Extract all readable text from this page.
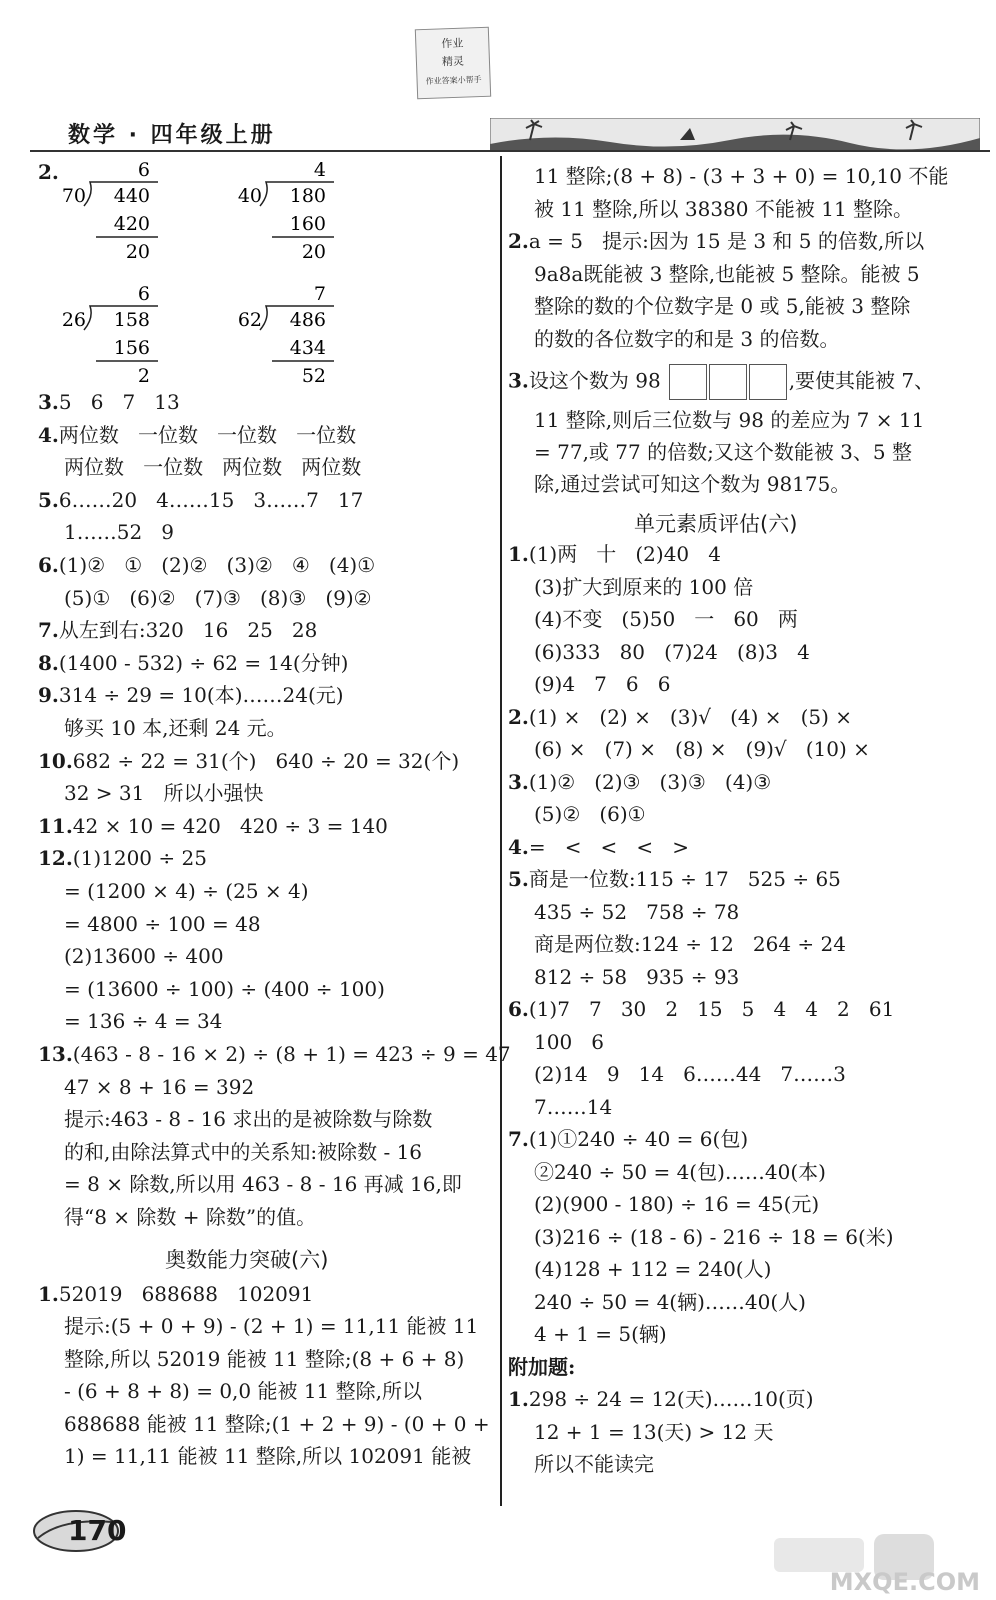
作业
精灵
作业答案小帮手
数学 · 四年级上册
6
70 440
420
20
4
40 180
160
20
6
26 158
156
2
7
62 486
434
52
2.
3.5   6   7   13
4.两位数   一位数   一位数   一位数
两位数   一位数   两位数   两位数
5.6……20   4……15   3……7   17
1……52   9
6.(1)②   ①   (2)②   (3)②   ④   (4)①
(5)①   (6)②   (7)③   (8)③   (9)②
7.从左到右:320   16   25   28
8.(1400 - 532) ÷ 62 = 14(分钟)
9.314 ÷ 29 = 10(本)……24(元)
够买 10 本,还剩 24 元。
10.682 ÷ 22 = 31(个)   640 ÷ 20 = 32(个)
32 > 31   所以小强快
11.42 × 10 = 420   420 ÷ 3 = 140
12.(1)1200 ÷ 25
= (1200 × 4) ÷ (25 × 4)
= 4800 ÷ 100 = 48
(2)13600 ÷ 400
= (13600 ÷ 100) ÷ (400 ÷ 100)
= 136 ÷ 4 = 34
13.(463 - 8 - 16 × 2) ÷ (8 + 1) = 423 ÷ 9 = 47
47 × 8 + 16 = 392
提示:463 - 8 - 16 求出的是被除数与除数
的和,由除法算式中的关系知:被除数 - 16
= 8 × 除数,所以用 463 - 8 - 16 再减 16,即
得“8 × 除数 + 除数”的值。
奥数能力突破(六)
1.52019   688688   102091
提示:(5 + 0 + 9) - (2 + 1) = 11,11 能被 11
整除,所以 52019 能被 11 整除;(8 + 6 + 8)
- (6 + 8 + 8) = 0,0 能被 11 整除,所以
688688 能被 11 整除;(1 + 2 + 9) - (0 + 0 +
1) = 11,11 能被 11 整除,所以 102091 能被
11 整除;(8 + 8) - (3 + 3 + 0) = 10,10 不能
被 11 整除,所以 38380 不能被 11 整除。
2.a = 5   提示:因为 15 是 3 和 5 的倍数,所以
9a8a既能被 3 整除,也能被 5 整除。能被 5
整除的数的个位数字是 0 或 5,能被 3 整除
的数的各位数字的和是 3 的倍数。
3.设这个数为 98	,要使其能被 7、
11 整除,则后三位数与 98 的差应为 7 × 11
= 77,或 77 的倍数;又这个数能被 3、5 整
除,通过尝试可知这个数为 98175。
单元素质评估(六)
1.(1)两   十   (2)40   4
(3)扩大到原来的 100 倍
(4)不变   (5)50   一   60   两
(6)333   80   (7)24   (8)3   4
(9)4   7   6   6
2.(1) ×   (2) ×   (3)√   (4) ×   (5) ×
(6) ×   (7) ×   (8) ×   (9)√   (10) ×
3.(1)②   (2)③   (3)③   (4)③
(5)②   (6)①
4.=   <   <   <   >
5.商是一位数:115 ÷ 17   525 ÷ 65
435 ÷ 52   758 ÷ 78
商是两位数:124 ÷ 12   264 ÷ 24
812 ÷ 58   935 ÷ 93
6.(1)7   7   30   2   15   5   4   4   2   61
100   6
(2)14   9   14   6……44   7……3
7……14
7.(1)①240 ÷ 40 = 6(包)
②240 ÷ 50 = 4(包)……40(本)
(2)(900 - 180) ÷ 16 = 45(元)
(3)216 ÷ (18 - 6) - 216 ÷ 18 = 6(米)
(4)128 + 112 = 240(人)
240 ÷ 50 = 4(辆)……40(人)
4 + 1 = 5(辆)
附加题:
1.298 ÷ 24 = 12(天)……10(页)
12 + 1 = 13(天) > 12 天
所以不能读完
170
MXQE.COM
